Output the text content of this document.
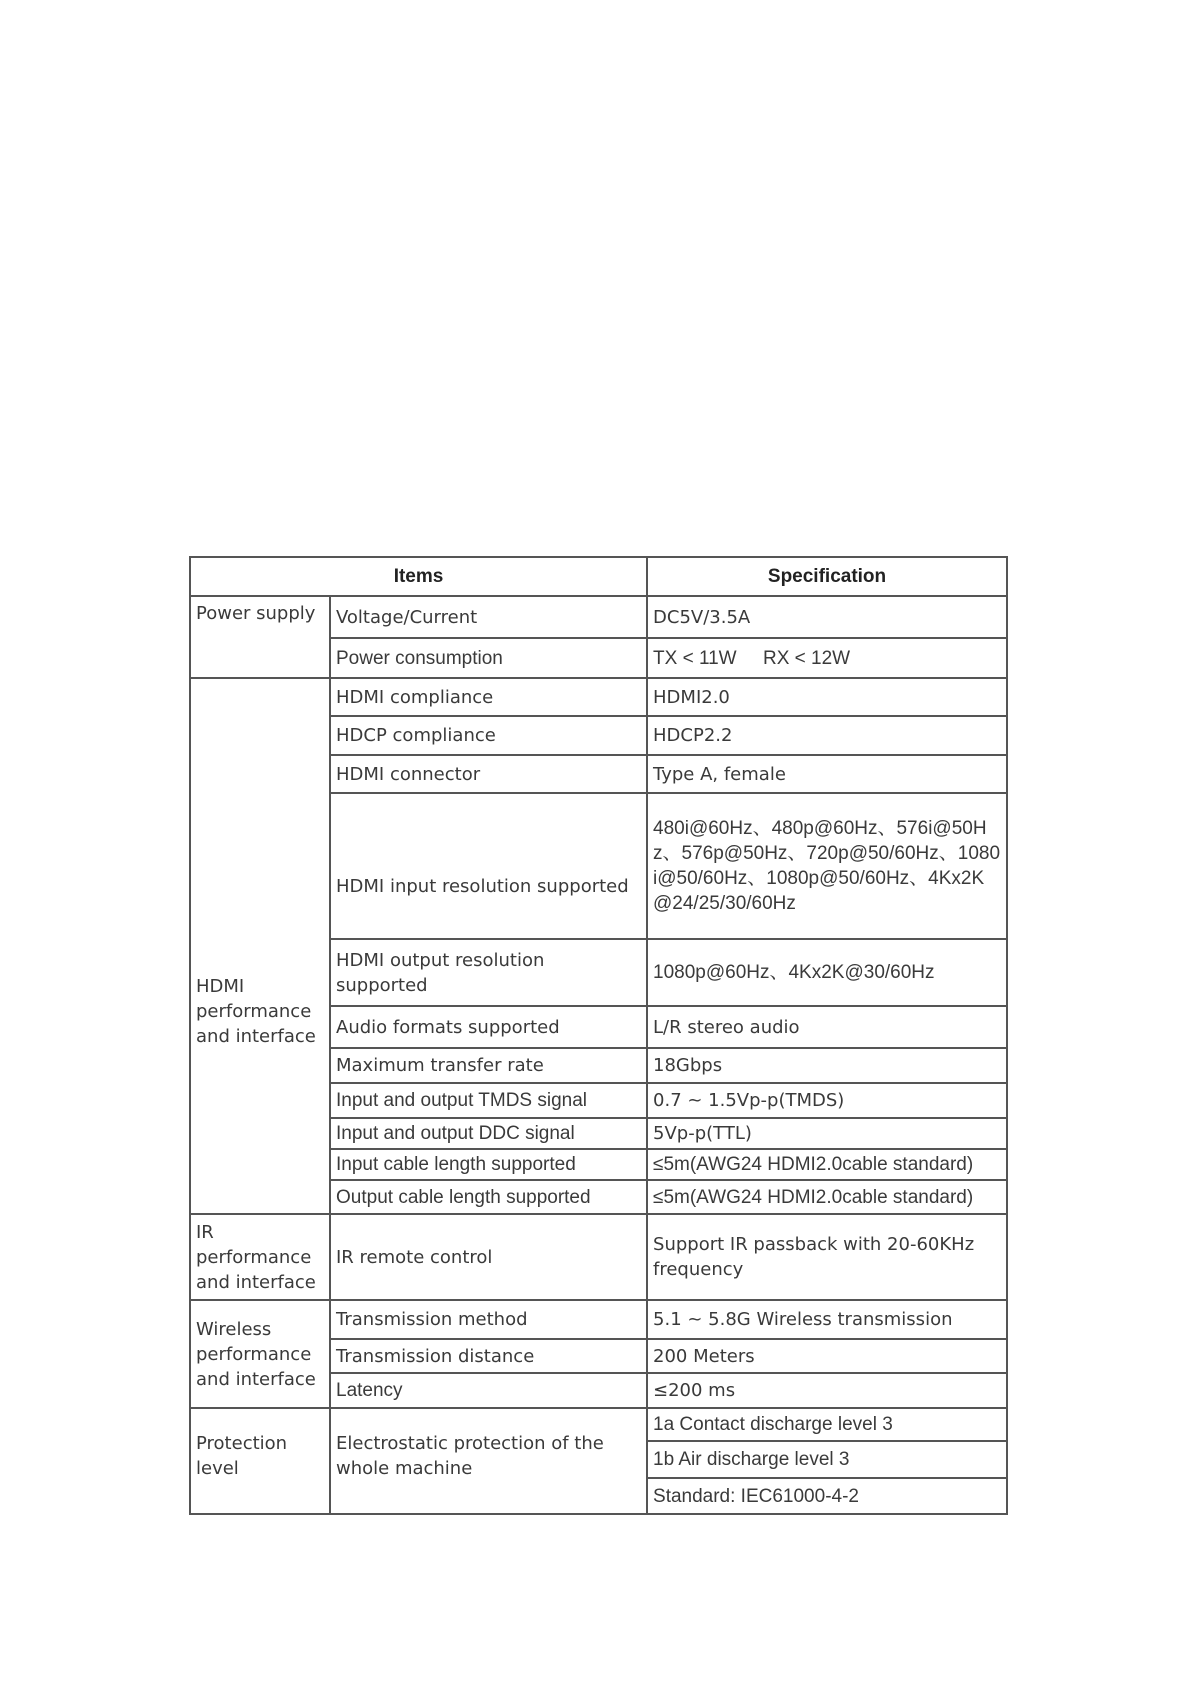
Items		Specification
Power supply	Voltage/Current	DC5V/3.5A
	Power consumption	TX < 11W     RX < 12W
HDMI performance and interface	HDMI compliance	HDMI2.0
	HDCP compliance	HDCP2.2
	HDMI connector	Type A, female
	HDMI input resolution supported	480i@60Hz、480p@60Hz、576i@50Hz、576p@50Hz、720p@50/60Hz、1080i@50/60Hz、1080p@50/60Hz、4Kx2K@24/25/30/60Hz
	HDMI output resolution supported	1080p@60Hz、4Kx2K@30/60Hz
	Audio formats supported	L/R stereo audio
	Maximum transfer rate	18Gbps
	Input and output TMDS signal	0.7 ~ 1.5Vp-p(TMDS)
	Input and output DDC signal	5Vp-p(TTL)
	Input cable length supported	≤5m(AWG24 HDMI2.0cable standard)
	Output cable length supported	≤5m(AWG24 HDMI2.0cable standard)
IR performance and interface	IR remote control	Support IR passback with 20-60KHz frequency
Wireless performance and interface	Transmission method	5.1 ~ 5.8G Wireless transmission
	Transmission distance	200 Meters
	Latency	≤200 ms
Protection level	Electrostatic protection of the whole machine	1a Contact discharge level 3
		1b Air discharge level 3
		Standard: IEC61000-4-2
